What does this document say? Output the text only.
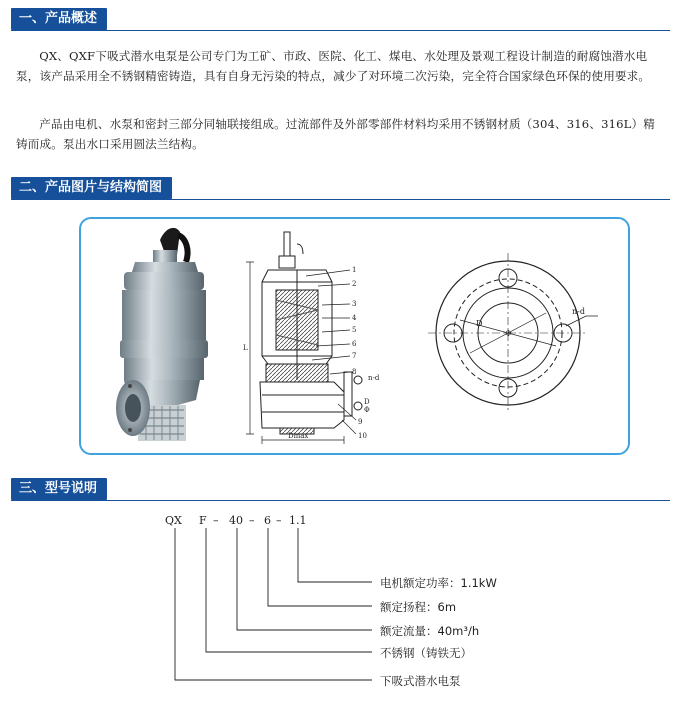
一、产品概述

QX、QXF下吸式潜水电泵是公司专门为工矿、市政、医院、化工、煤电、水处理及景观工程设计制造的耐腐蚀潜水电泵，该产品采用全不锈钢精密铸造，具有自身无污染的特点，减少了对环境二次污染，完全符合国家绿色环保的使用要求。

产品由电机、水泵和密封三部分同轴联接组成。过流部件及外部零部件材料均采用不锈钢材质（304、316、316L）精铸而成。泵出水口采用圆法兰结构。

二、产品图片与结构简图
1
2
3
4
5
6
7
8
9
10
L
Dmax
n-d
D
Φ
n-d
D
Φ
QX F – 40 – 6 – 1.1
三、型号说明
电机额定功率：1.1kW
额定扬程：6m
额定流量：40m³/h
不锈钢（铸铁无）
下吸式潜水电泵
